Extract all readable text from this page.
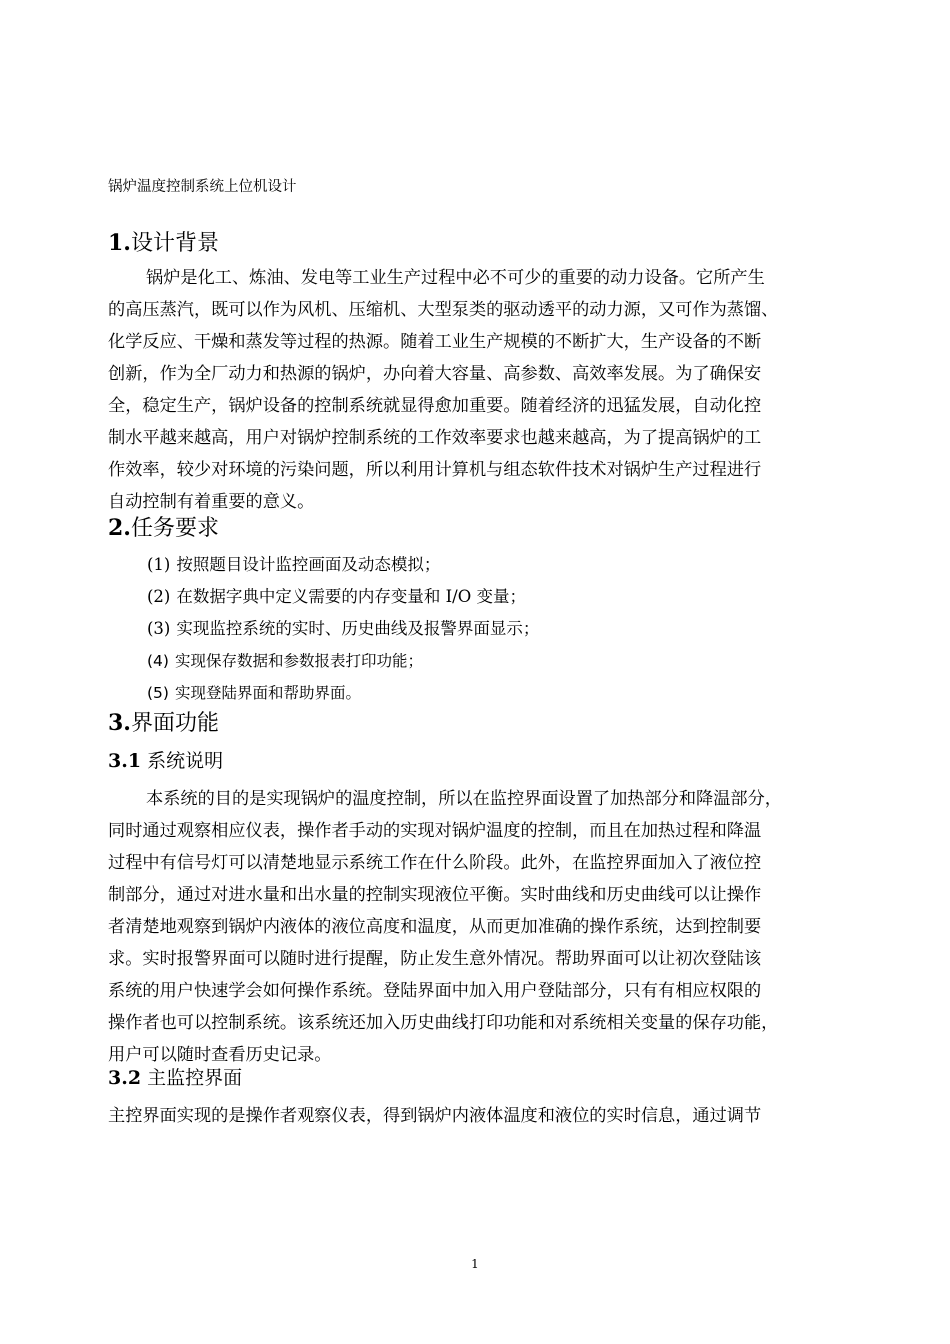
锅炉温度控制系统上位机设计
1.设计背景
锅炉是化工、炼油、发电等工业生产过程中必不可少的重要的动力设备。它所产生
的高压蒸汽，既可以作为风机、压缩机、大型泵类的驱动透平的动力源，又可作为蒸馏、
化学反应、干燥和蒸发等过程的热源。随着工业生产规模的不断扩大，生产设备的不断
创新，作为全厂动力和热源的锅炉，办向着大容量、高参数、高效率发展。为了确保安
全，稳定生产，锅炉设备的控制系统就显得愈加重要。随着经济的迅猛发展，自动化控
制水平越来越高，用户对锅炉控制系统的工作效率要求也越来越高，为了提高锅炉的工
作效率，较少对环境的污染问题，所以利用计算机与组态软件技术对锅炉生产过程进行
自动控制有着重要的意义。
2.任务要求
(1) 按照题目设计监控画面及动态模拟；
(2) 在数据字典中定义需要的内存变量和 I/O 变量；
(3) 实现监控系统的实时、历史曲线及报警界面显示；
(4) 实现保存数据和参数报表打印功能；
(5) 实现登陆界面和帮助界面。
3.界面功能
3.1 系统说明
本系统的目的是实现锅炉的温度控制，所以在监控界面设置了加热部分和降温部分，
同时通过观察相应仪表，操作者手动的实现对锅炉温度的控制，而且在加热过程和降温
过程中有信号灯可以清楚地显示系统工作在什么阶段。此外，在监控界面加入了液位控
制部分，通过对进水量和出水量的控制实现液位平衡。实时曲线和历史曲线可以让操作
者清楚地观察到锅炉内液体的液位高度和温度，从而更加准确的操作系统，达到控制要
求。实时报警界面可以随时进行提醒，防止发生意外情况。帮助界面可以让初次登陆该
系统的用户快速学会如何操作系统。登陆界面中加入用户登陆部分，只有有相应权限的
操作者也可以控制系统。该系统还加入历史曲线打印功能和对系统相关变量的保存功能，
用户可以随时查看历史记录。
3.2 主监控界面
主控界面实现的是操作者观察仪表，得到锅炉内液体温度和液位的实时信息，通过调节
1
